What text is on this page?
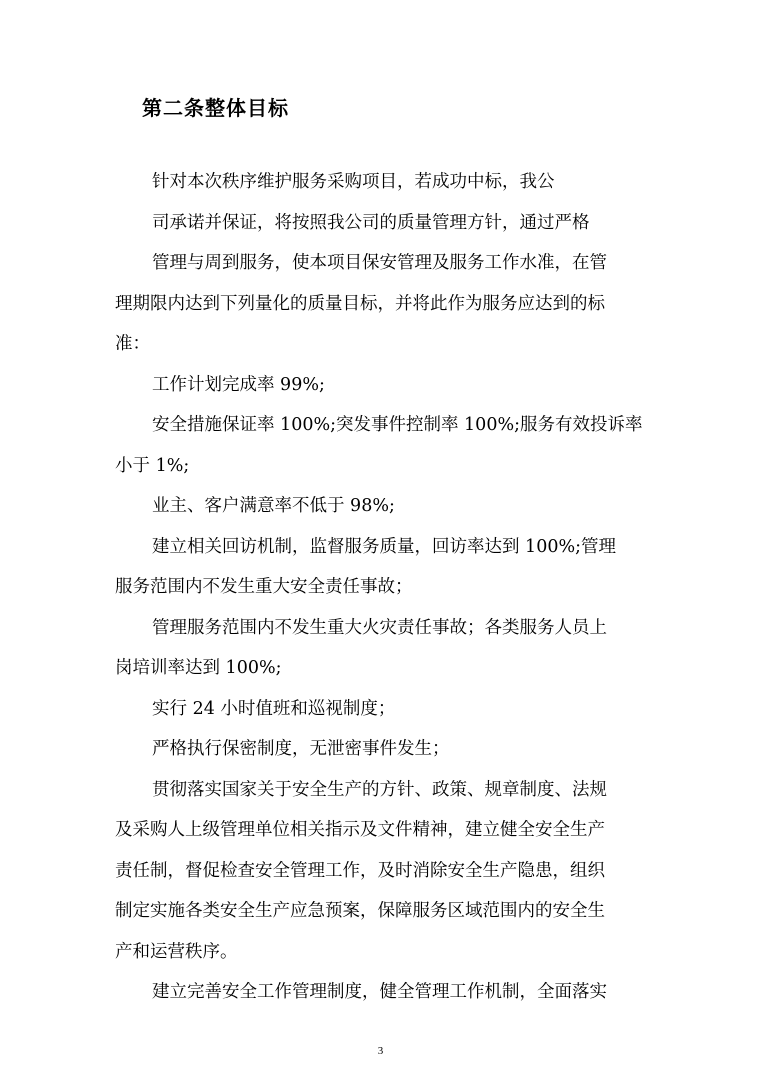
第二条整体目标
针对本次秩序维护服务采购项目，若成功中标，我公
司承诺并保证，将按照我公司的质量管理方针，通过严格
管理与周到服务，使本项目保安管理及服务工作水准，在管
理期限内达到下列量化的质量目标，并将此作为服务应达到的标
准：
工作计划完成率 99%;
安全措施保证率 100%;突发事件控制率 100%;服务有效投诉率
小于 1%;
业主、客户满意率不低于 98%;
建立相关回访机制，监督服务质量，回访率达到 100%;管理
服务范围内不发生重大安全责任事故；
管理服务范围内不发生重大火灾责任事故；各类服务人员上
岗培训率达到 100%;
实行 24 小时值班和巡视制度；
严格执行保密制度，无泄密事件发生；
贯彻落实国家关于安全生产的方针、政策、规章制度、法规
及采购人上级管理单位相关指示及文件精神，建立健全安全生产
责任制，督促检查安全管理工作，及时消除安全生产隐患，组织
制定实施各类安全生产应急预案，保障服务区域范围内的安全生
产和运营秩序。
建立完善安全工作管理制度，健全管理工作机制，全面落实
3
